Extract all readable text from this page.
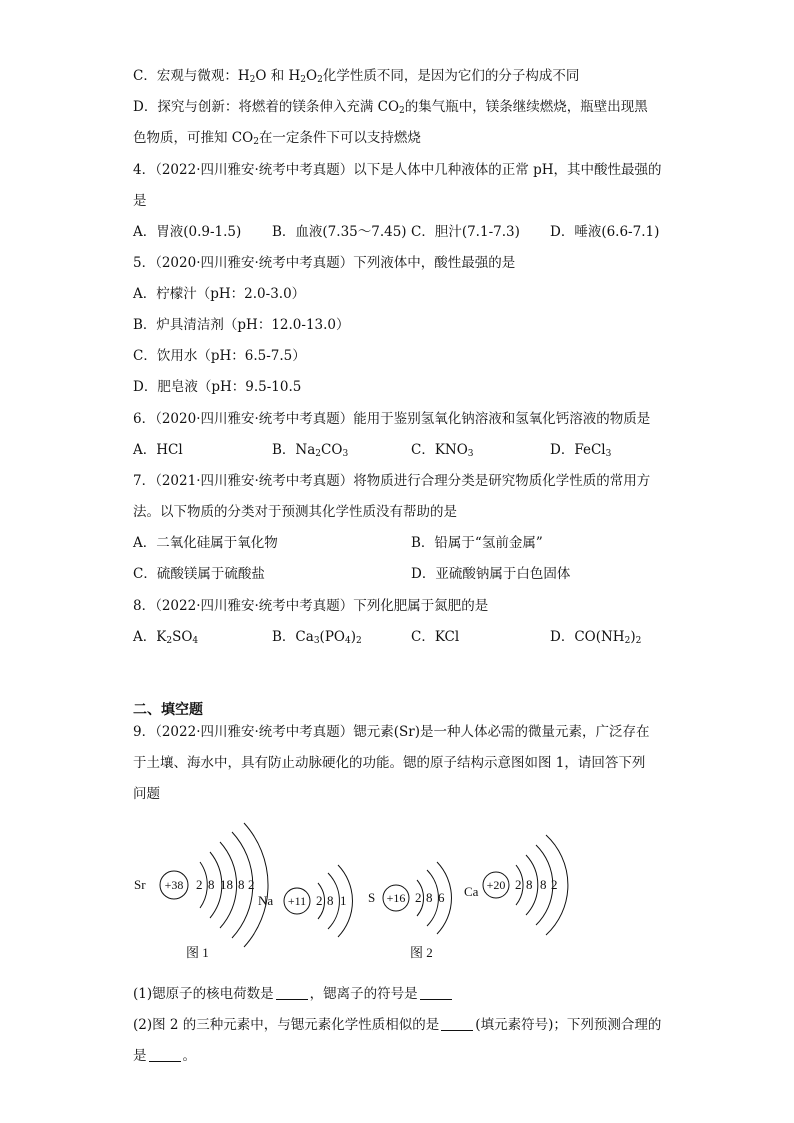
C．宏观与微观：$H_2O$ 和 $H_2O_2$化学性质不同，是因为它们的分子构成不同
D．探究与创新：将燃着的镁条伸入充满 $CO_2$的集气瓶中，镁条继续燃烧，瓶壁出现黑
色物质，可推知 $CO_2$在一定条件下可以支持燃烧
4．（2022·四川雅安·统考中考真题）以下是人体中几种液体的正常 pH，其中酸性最强的
是
A．胃液(0.9-1.5) B．血液(7.35～7.45) C．胆汁(7.1-7.3) D．唾液(6.6-7.1)
5．（2020·四川雅安·统考中考真题）下列液体中，酸性最强的是
A．柠檬汁（pH：2.0-3.0）
B．炉具清洁剂（pH：12.0-13.0）
C．饮用水（pH：6.5-7.5）
D．肥皂液（pH：9.5-10.5
6．（2020·四川雅安·统考中考真题）能用于鉴别氢氧化钠溶液和氢氧化钙溶液的物质是
A．HCl	B．$Na_2CO_3$	C．$KNO_3$	D．FeCl$_3$
7．（2021·四川雅安·统考中考真题）将物质进行合理分类是研究物质化学性质的常用方
法。以下物质的分类对于预测其化学性质没有帮助的是
A．二氧化硅属于氧化物	B．铅属于“氢前金属”
C．硫酸镁属于硫酸盐	D．亚硫酸钠属于白色固体
8．（2022·四川雅安·统考中考真题）下列化肥属于氮肥的是
A．$K_2SO_4$	B．$Ca_3(PO_4)_2$	C．KCl	D．$CO(NH_2)_2$
二、填空题
9．（2022·四川雅安·统考中考真题）锶元素(Sr)是一种人体必需的微量元素，广泛存在
于土壤、海水中，具有防止动脉硬化的功能。锶的原子结构示意图如图 1，请回答下列
问题
Sr +38 2 8 18 8 2
Na +11 2 8 1 S +16 2 8 6 Ca +20 2 8 8 2
图 1	图 2
(1)锶原子的核电荷数是	，锶离子的符号是
(2)图 2 的三种元素中，与锶元素化学性质相似的是	(填元素符号)；下列预测合理的
是	。
